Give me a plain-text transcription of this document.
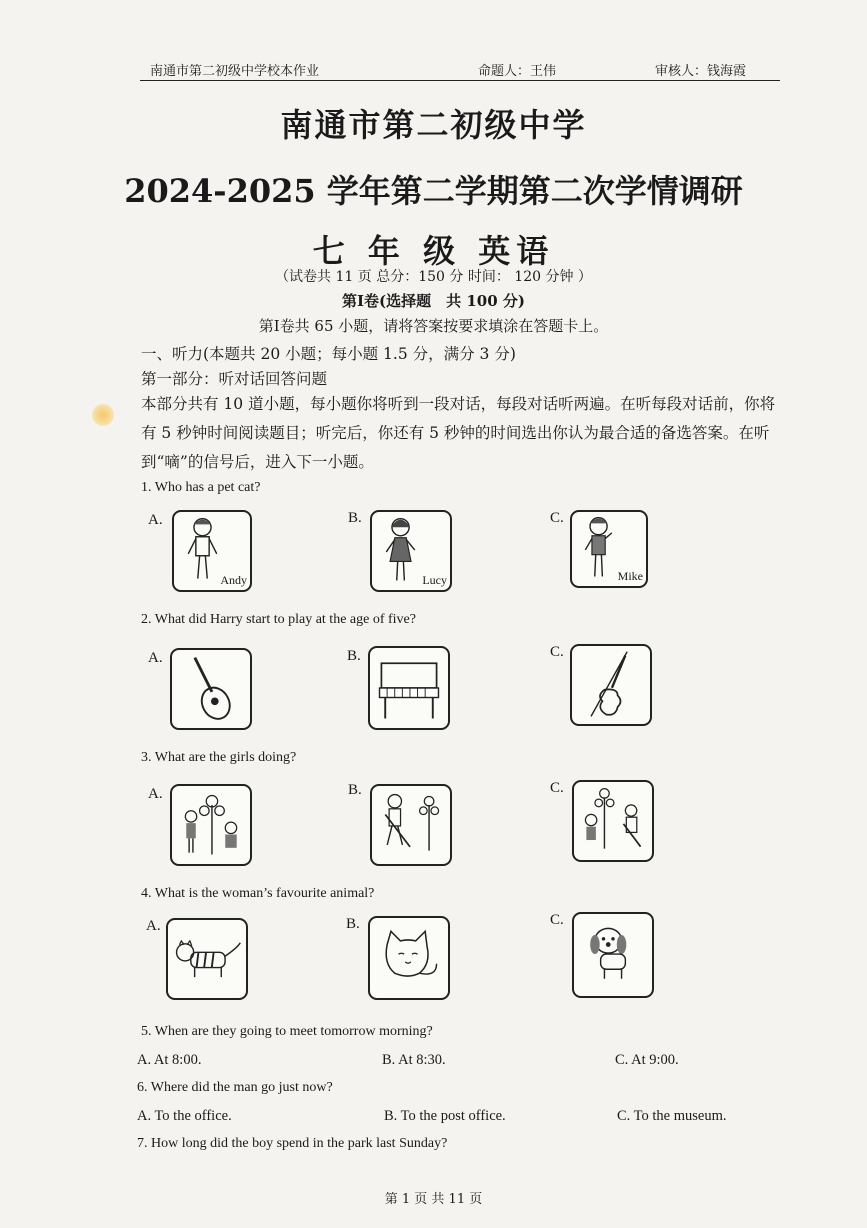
南通市第二初级中学校本作业	命题人：王伟	审核人：钱海霞
南通市第二初级中学
2024-2025 学年第二学期第二次学情调研
七 年 级 英语
（试卷共 11 页 总分：150 分 时间： 120 分钟 ）
第Ⅰ卷(选择题　共 100 分)
第Ⅰ卷共 65 小题，请将答案按要求填涂在答题卡上。
一、听力(本题共 20 小题；每小题 1.5 分，满分 3 分)
第一部分：听对话回答问题
本部分共有 10 道小题，每小题你将听到一段对话，每段对话听两遍。在听每段对话前，你将有 5 秒钟时间阅读题目；听完后，你还有 5 秒钟的时间选出你认为最合适的备选答案。在听到“嘀”的信号后，进入下一小题。
1. Who has a pet cat?
A.
Andy
B.
Lucy
C.
Mike
2. What did Harry start to play at the age of five?
A.	B.	C.
3. What are the girls doing?
A.	B.	C.
4. What is the woman’s favourite animal?
A.	B.	C.
5. When are they going to meet tomorrow morning?
A. At 8:00.	B. At 8:30.	C. At 9:00.
6. Where did the man go just now?
A. To the office.	B. To the post office.	C. To the museum.
7. How long did the boy spend in the park last Sunday?
第 1 页 共 11 页
